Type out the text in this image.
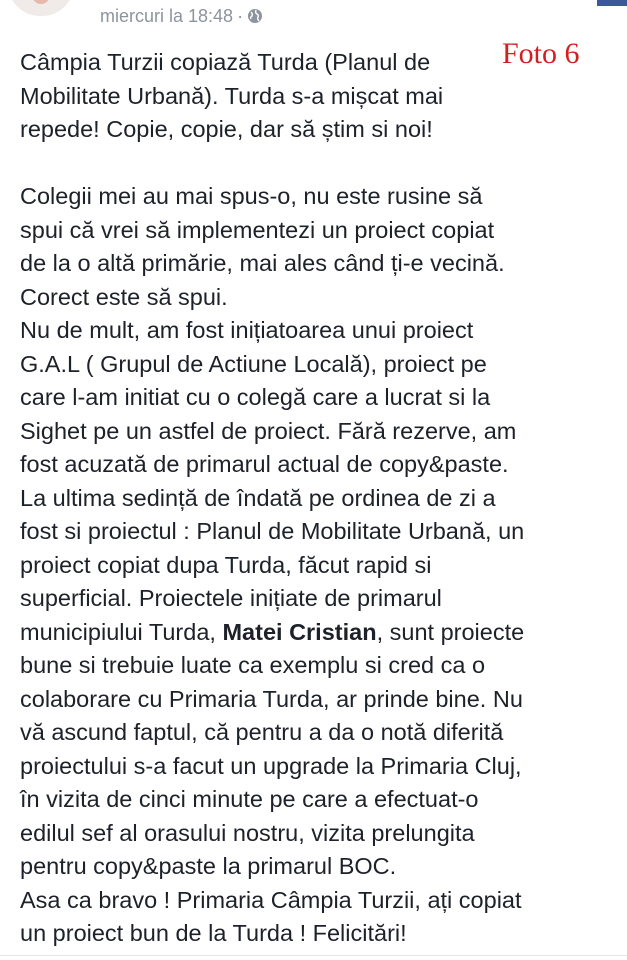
miercuri la 18:48 ·
Foto 6
Câmpia Turzii copiază Turda (Planul de
Mobilitate Urbană). Turda s-a mișcat mai
repede! Copie, copie, dar să știm si noi!
Colegii mei au mai spus-o, nu este rusine să
spui că vrei să implementezi un proiect copiat
de la o altă primărie, mai ales când ți-e vecină.
Corect este să spui.
Nu de mult, am fost inițiatoarea unui proiect
G.A.L ( Grupul de Actiune Locală), proiect pe
care l-am initiat cu o colegă care a lucrat si la
Sighet pe un astfel de proiect. Fără rezerve, am
fost acuzată de primarul actual de copy&paste.
La ultima sedință de îndată pe ordinea de zi a
fost si proiectul : Planul de Mobilitate Urbană, un
proiect copiat dupa Turda, făcut rapid si
superficial. Proiectele inițiate de primarul
municipiului Turda, Matei Cristian, sunt proiecte
bune si trebuie luate ca exemplu si cred ca o
colaborare cu Primaria Turda, ar prinde bine. Nu
vă ascund faptul, că pentru a da o notă diferită
proiectului s-a facut un upgrade la Primaria Cluj,
în vizita de cinci minute pe care a efectuat-o
edilul sef al orasului nostru, vizita prelungita
pentru copy&paste la primarul BOC.
Asa ca bravo ! Primaria Câmpia Turzii, ați copiat
un proiect bun de la Turda ! Felicitări!
